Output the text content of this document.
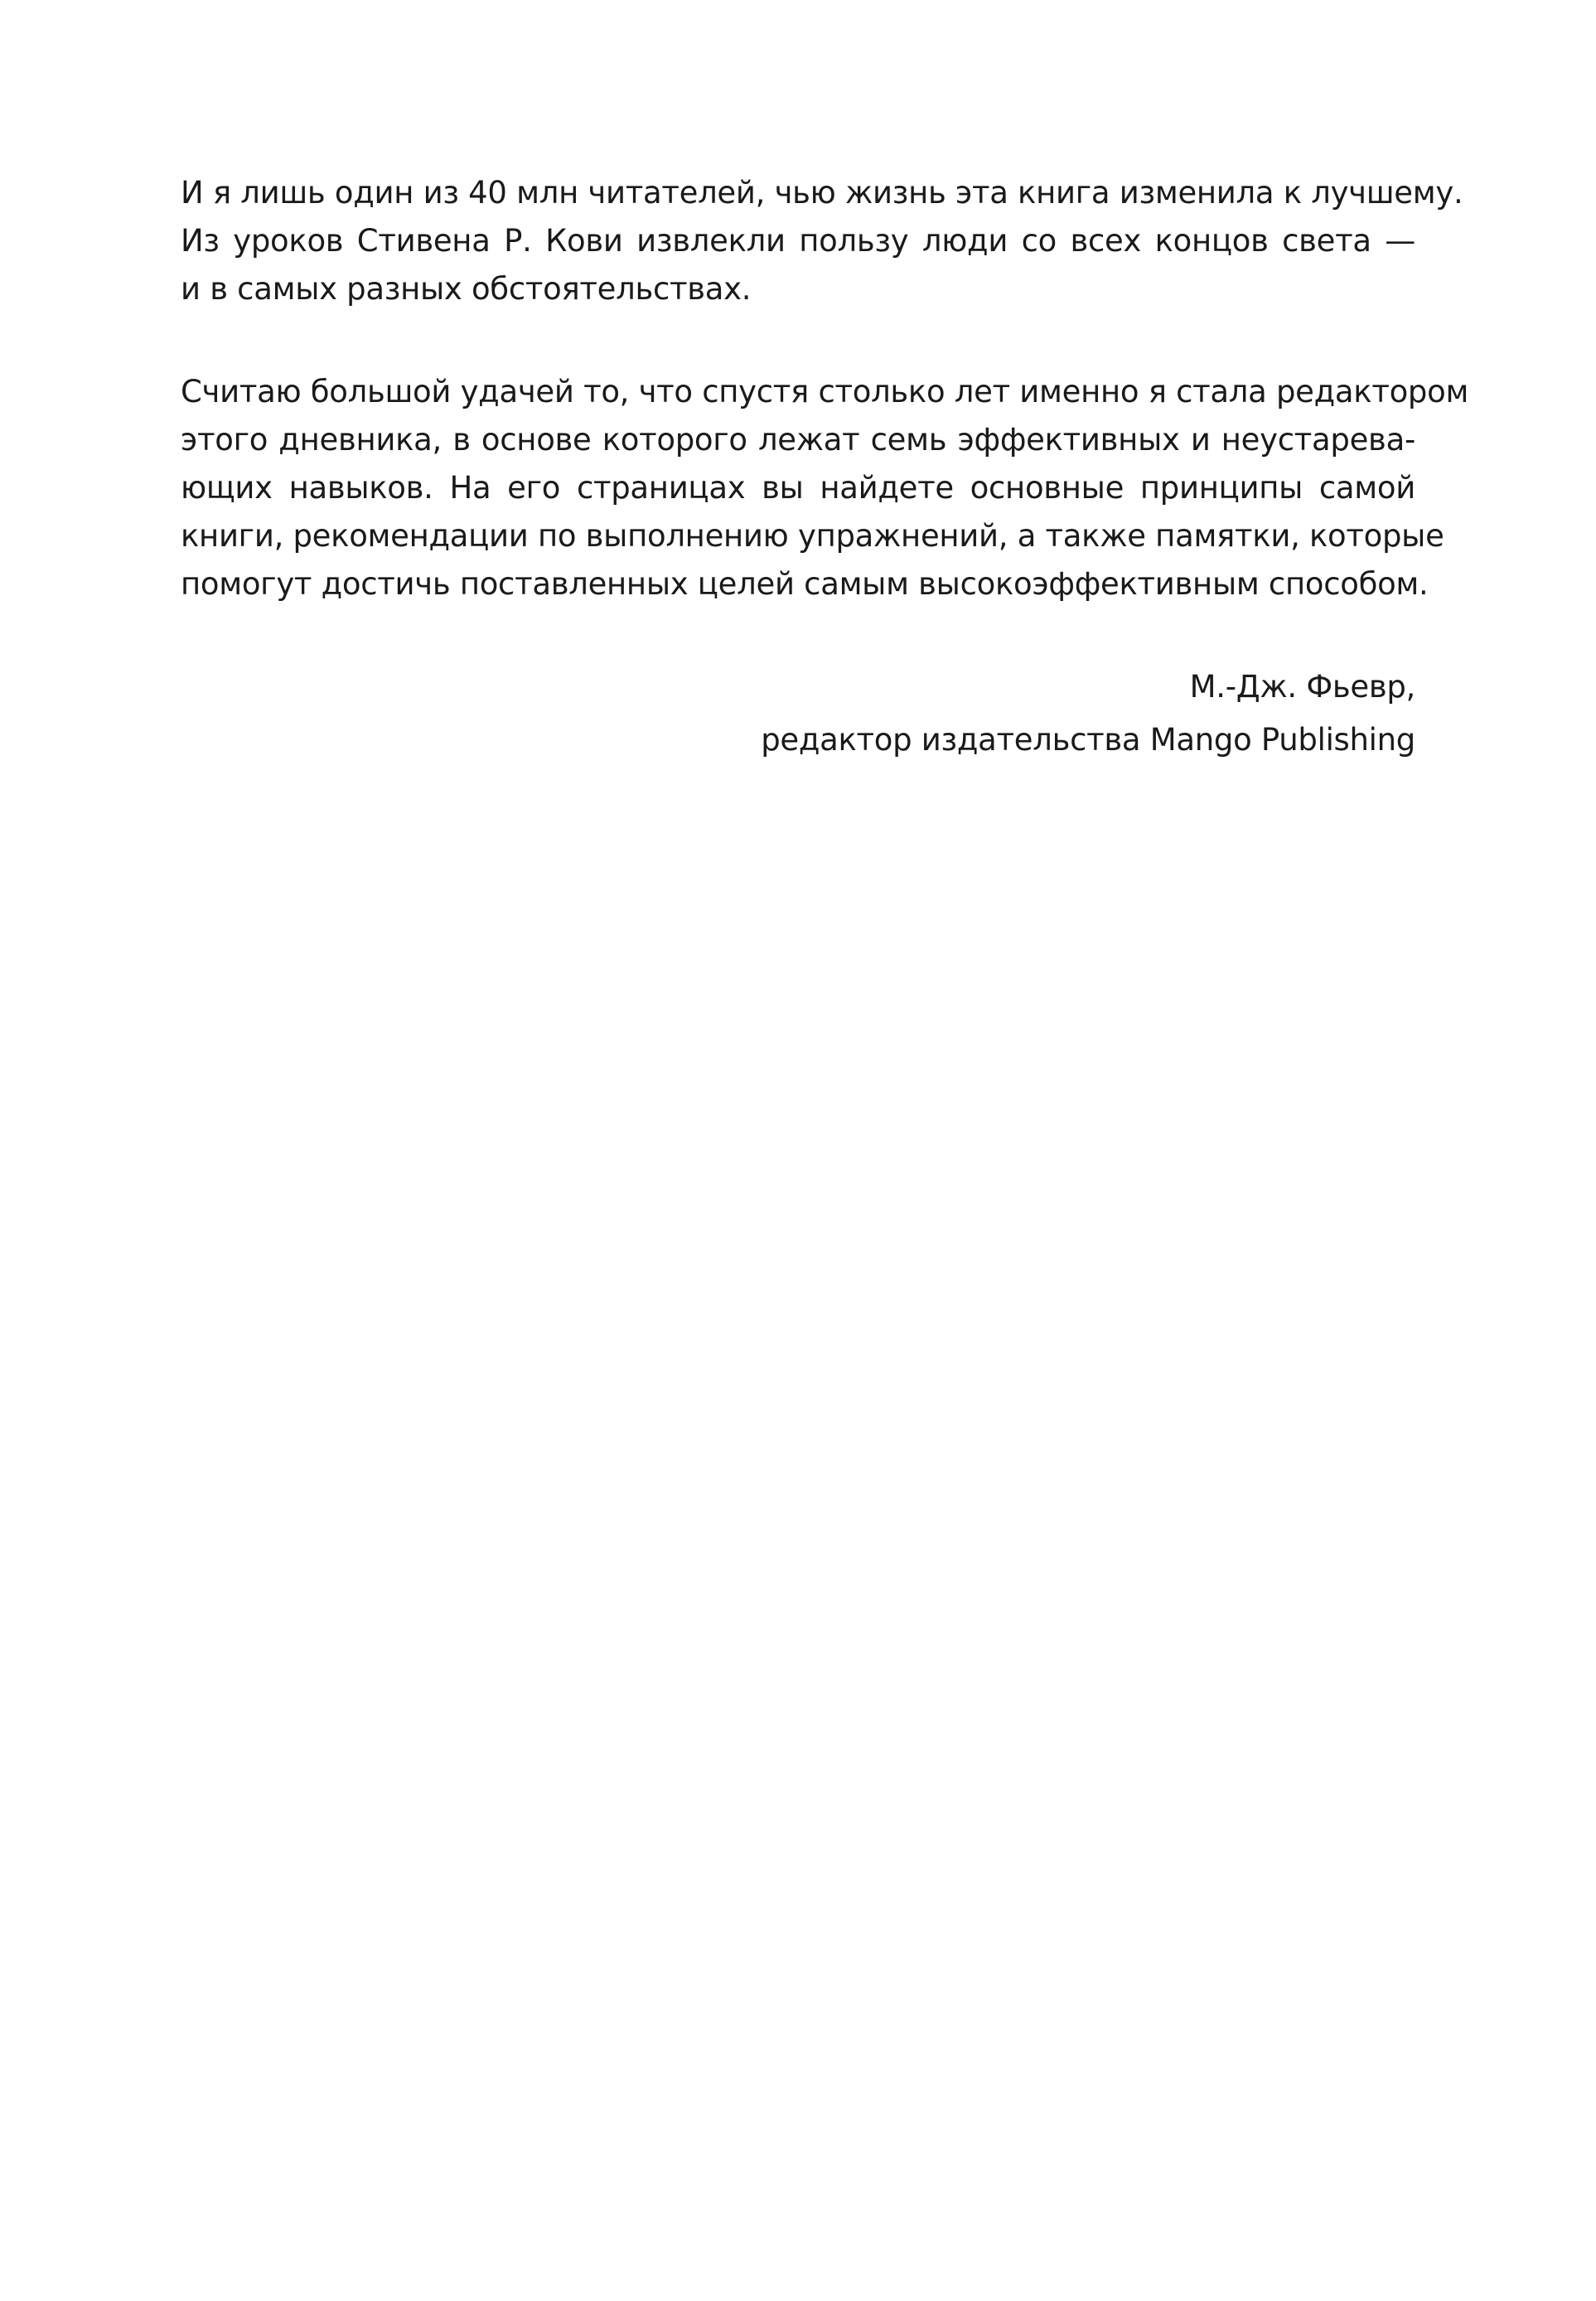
И я лишь один из 40 млн читателей, чью жизнь эта книга изменила к лучшему.
Из уроков Стивена Р. Кови извлекли пользу люди со всех концов света —
и в самых разных обстоятельствах.
Считаю большой удачей то, что спустя столько лет именно я стала редактором
этого дневника, в основе которого лежат семь эффективных и неустарева-
ющих навыков. На его страницах вы найдете основные принципы самой
книги, рекомендации по выполнению упражнений, а также памятки, которые
помогут достичь поставленных целей самым высокоэффективным способом.
М.-Дж. Фьевр,
редактор издательства Mango Publishing
